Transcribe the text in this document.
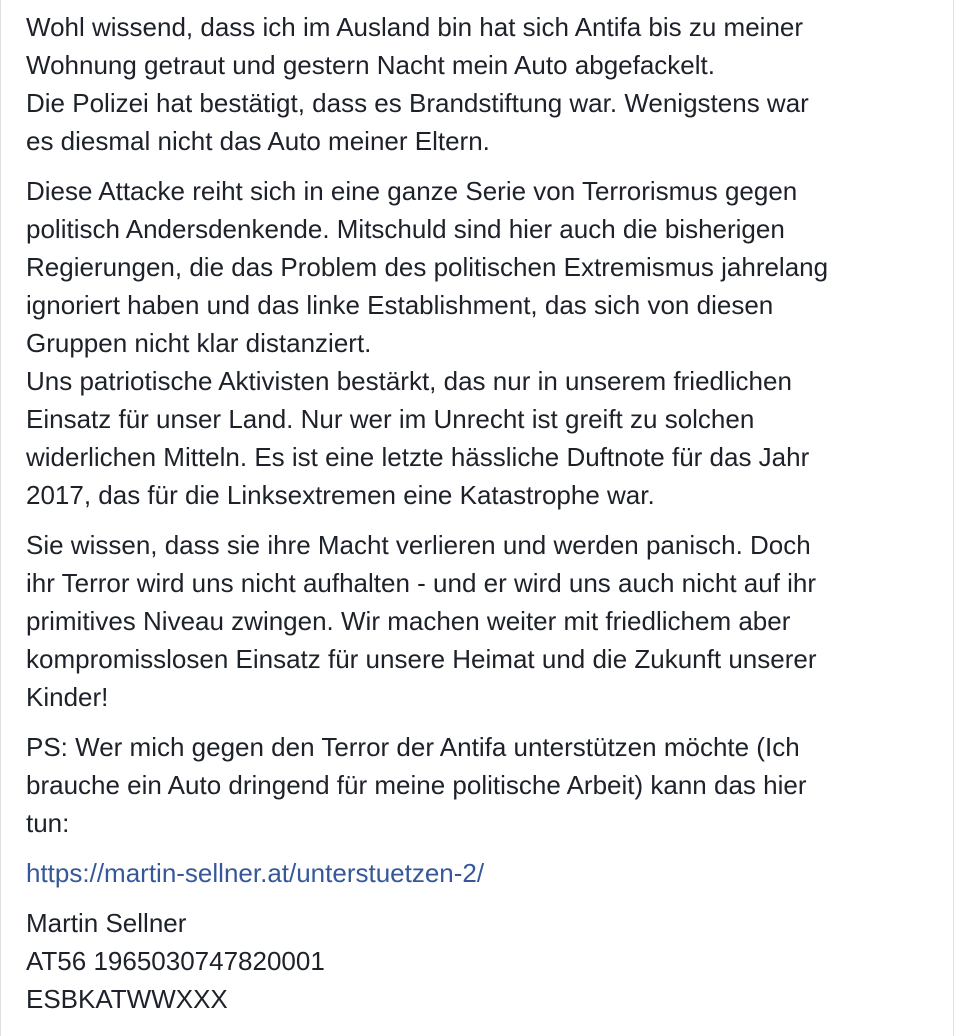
Wohl wissend, dass ich im Ausland bin hat sich Antifa bis zu meiner
Wohnung getraut und gestern Nacht mein Auto abgefackelt.
Die Polizei hat bestätigt, dass es Brandstiftung war. Wenigstens war
es diesmal nicht das Auto meiner Eltern.
Diese Attacke reiht sich in eine ganze Serie von Terrorismus gegen
politisch Andersdenkende. Mitschuld sind hier auch die bisherigen
Regierungen, die das Problem des politischen Extremismus jahrelang
ignoriert haben und das linke Establishment, das sich von diesen
Gruppen nicht klar distanziert.
Uns patriotische Aktivisten bestärkt, das nur in unserem friedlichen
Einsatz für unser Land. Nur wer im Unrecht ist greift zu solchen
widerlichen Mitteln. Es ist eine letzte hässliche Duftnote für das Jahr
2017, das für die Linksextremen eine Katastrophe war.
Sie wissen, dass sie ihre Macht verlieren und werden panisch. Doch
ihr Terror wird uns nicht aufhalten - und er wird uns auch nicht auf ihr
primitives Niveau zwingen. Wir machen weiter mit friedlichem aber
kompromisslosen Einsatz für unsere Heimat und die Zukunft unserer
Kinder!
PS: Wer mich gegen den Terror der Antifa unterstützen möchte (Ich
brauche ein Auto dringend für meine politische Arbeit) kann das hier
tun:
https://martin-sellner.at/unterstuetzen-2/
Martin Sellner
AT56 1965030747820001
ESBKATWWXXX
